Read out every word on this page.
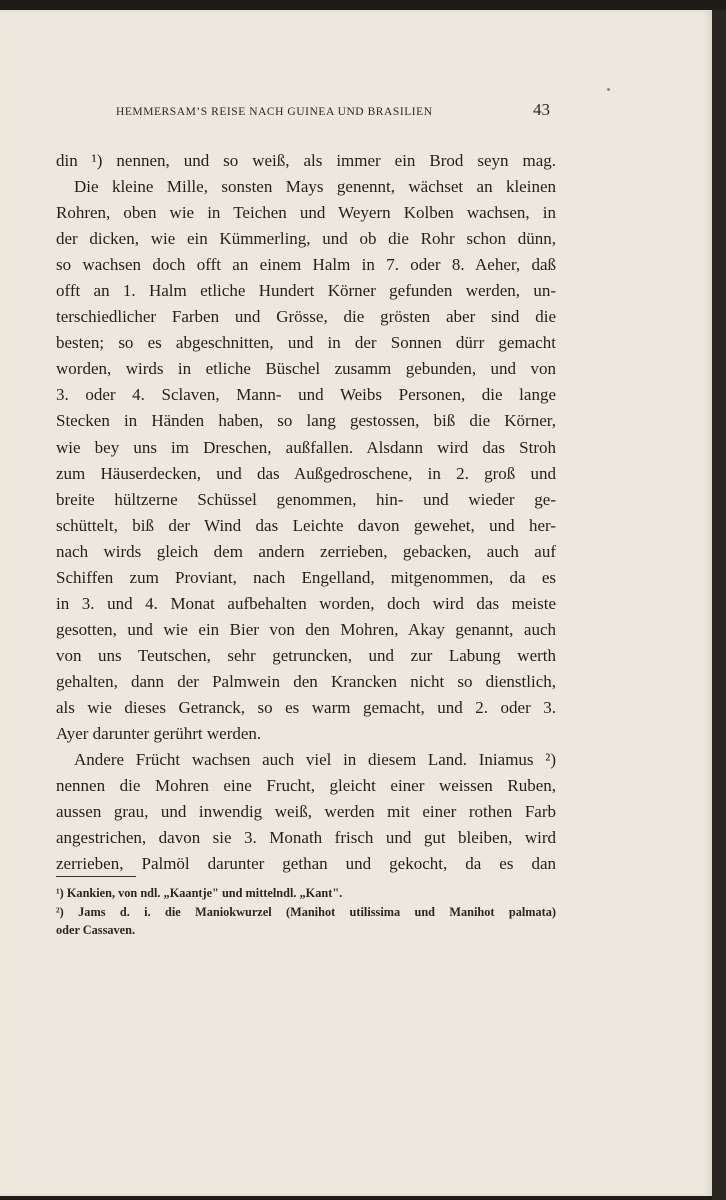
HEMMERSAM’S REISE NACH GUINEA UND BRASILIEN	43
din ¹) nennen, und so weiß, als immer ein Brod seyn mag.
Die kleine Mille, sonsten Mays genennt, wächset an kleinen
Rohren, oben wie in Teichen und Weyern Kolben wachsen, in
der dicken, wie ein Kümmerling, und ob die Rohr schon dünn,
so wachsen doch offt an einem Halm in 7. oder 8. Aeher, daß
offt an 1. Halm etliche Hundert Körner gefunden werden, un-
terschiedlicher Farben und Grösse, die grösten aber sind die
besten; so es abgeschnitten, und in der Sonnen dürr gemacht
worden, wirds in etliche Büschel zusamm gebunden, und von
3. oder 4. Sclaven, Mann- und Weibs Personen, die lange
Stecken in Händen haben, so lang gestossen, biß die Körner,
wie bey uns im Dreschen, außfallen. Alsdann wird das Stroh
zum Häuserdecken, und das Außgedroschene, in 2. groß und
breite hültzerne Schüssel genommen, hin- und wieder ge-
schüttelt, biß der Wind das Leichte davon gewehet, und her-
nach wirds gleich dem andern zerrieben, gebacken, auch auf
Schiffen zum Proviant, nach Engelland, mitgenommen, da es
in 3. und 4. Monat aufbehalten worden, doch wird das meiste
gesotten, und wie ein Bier von den Mohren, Akay genannt, auch
von uns Teutschen, sehr getruncken, und zur Labung werth
gehalten, dann der Palmwein den Krancken nicht so dienstlich,
als wie dieses Getranck, so es warm gemacht, und 2. oder 3.
Ayer darunter gerührt werden.
Andere Frücht wachsen auch viel in diesem Land. Iniamus ²)
nennen die Mohren eine Frucht, gleicht einer weissen Ruben,
aussen grau, und inwendig weiß, werden mit einer rothen Farb
angestrichen, davon sie 3. Monath frisch und gut bleiben, wird
zerrieben, Palmöl darunter gethan und gekocht, da es dan
¹) Kankien, von ndl. „Kaantje" und mittelndl. „Kant".
²) Jams d. i. die Maniokwurzel (Manihot utilissima und Manihot palmata)
oder Cassaven.
